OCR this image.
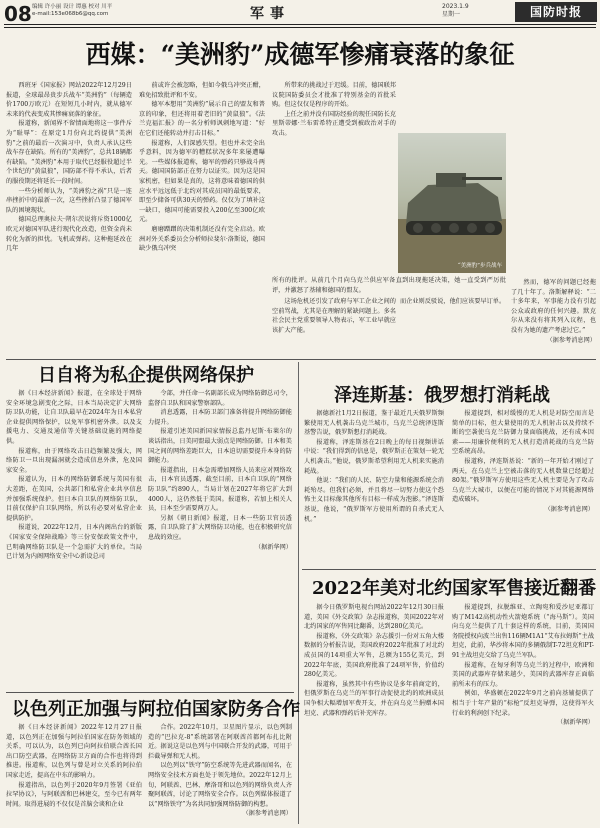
08 编辑 许小丽 设计 谭惠 校对 川平
e-mail:153e068b6@qq.com	军事	2023.1.9
星期一	国防时报
西媒：“美洲豹”成德军惨痛衰落的象征

西班牙《国家报》网站2022年12月29日报道，全球最昂贵步兵战车“美洲豹”（每辆造价1700万欧元）在短短几小时内，就从德军未来的代表变成其惨痛衰落的象征。

报道称，新闻界不留情面地将这一事件斥为“耻辱”：在原定1月份向北约提供“美洲豹”之前的最后一次演习中，负责人承认这些战车存在缺陷。所有的“美洲豹”，总共18辆都有缺陷。“美洲豹”本用于取代已经服役超过半个世纪的“黄鼠狼”，国防部不得不承认，后者的服役期还将延长一段时间。

一些分析师认为，“美洲豹之祸”只是一连串挫折中的最新一次，这些挫折凸显了德国军队的困境现状。

德国总理奥拉夫·朔尔茨说将斥资1000亿欧元对德国军队进行现代化改造，但资金尚未转化为新的担忧。飞机或弹药。这种拖延改在几年

前或许会被忽略，但如今俄乌冲突正酣，难免招致批评和不安。

德军本想用“美洲豹”展示自己的盟友和普京的印象，但还将用着老旧的“黄鼠狼”。《法兰克福汇报》的一名分析师讽刺地写道：“好在它们还能转动并打击目标。”

报道称，人们深感失望。但也并未完全出乎意料，因为德军的糟糕状况多年来屡遭曝光。一些媒体报道称，德军的弹药只够战斗两天。德国国防部正在努力以证实。因为这是国家机密，但如果是真的，这将意味着德国的供应水平远远低于北约对其成员国的最低要求，即至少储备可供30天的弹药。仅仅为了填补这一缺口，德国可能需要投入200亿至300亿欧元。

磨磨蹭蹭的决策机制还没有完全启动。欧洲对外关系委员会分析师拉斐尔·洛斯说，德国缺少俄乌冲突

所带来的挑战过于迟缓。目前，德国联邦议院国防委员会才批准了特别基金的首批采购。但这仅仅是程序的开始。

上任之前并没有国防经验的现任国防长克里斯蒂娜·兰布雷希特正遭受到被政治对手的攻击。

“美洲豹”步兵战车

所有的批评。从前几个月向乌克兰供应军备直到出现拖延决策，她一直受到严厉批评，并激怒了基辅和德国的盟友。

这场危机还引发了政府与军工企业之间的空前骂战，尤其是在理解的紧缺问题上。多名社会民主党重要领导人物表示，军工业早就应该扩大产能。

而企业则反驳说，他们应该要早订单。

然而，德军的问题已经拖了几十年了。洛斯解释说：“二十多年来，军事能力没有引起公众或政府的任何兴趣。默克尔从来没有将其列入议程，也没有为她的遗产考虑过它。”

（据参考消息网）
日自将为私企提供网络保护

据《日本经济新闻》报道，在全球处于网络安全环境急剧变化之际，日本当局决定扩大网络防卫队功能，让自卫队最早在2024年为日本私营企业提供网络保护，以免军事机密外泄。以及支援电力、交通及通信等关键基础设施的网络提供。

报道称，由于网络攻击日趋频繁及强大，网络防卫一旦出现漏洞就会造成信息外泄，危及国家安全。

报道认为，日本的网络防御系统与美国有很大差距，在美国，公共部门和私营企业共享信息并加强系统保护。但日本自卫队的网络防卫队，目前仅保护自卫队网络，所以有必要对私营企业提供防护。

报道说，2022年12月，日本内阁出台的新版《国家安全保障战略》等三份安保政策文件中，已明确网络防卫队是一个急需扩大的单位。当局已计划为内阁网络安全中心新设总司

令部，并任命一名副部长成为网络防御总司令，监督自卫队和国家警察部队。

消息透露，日本防卫部门准备将提升网络防御能力提升。

报道引述美国新国家情报总监丹尼斯·布莱尔的谈话指出，日美同盟最大弱点是网络防御。日本和美国之间的网络差距巨大，日本迫切需要提升本身的防御能力。

报道指出，日本急需增加网络人员来应对网络攻击，日本官员透露，截至目前，日本自卫队的“网络防卫队”约890人，当局计划在2027年将它扩大到4000人，这仍然低于美国。报道称，若加上相关人员，日本至少需要两万人。

另据《朝日新闻》报道，日本一些防卫官员透露，自卫队除了扩大网络防卫功能，也在积极研究信息战的效应。

（据新华网）
泽连斯基：俄罗想打消耗战

据德新社1月2日报道，鉴于最近几天俄罗斯频繁使用无人机袭击乌克兰城市，乌克兰总统泽连斯基警告说，俄罗斯想打消耗战。

报道称，泽连斯基在2日晚上的每日视频讲话中说：“我们得到的信息是，俄罗斯正在策划一轮无人机袭击。”他说，俄罗斯希望利用无人机来实施消耗战。

他说：“我们的人民、防空力量和能源系统会消耗殆尽。但我们必须，并且将尽一切努力使这个恐怖主义目标像其他所有目标一样成为泡影。”泽连斯基说，他说，“俄罗斯军方使用所谓的自杀式无人机。”

报道提到，相对缓慢的无人机是对防空而言是简单的目标，但大量使用的无人机射击以及持续不断的空袭使乌克兰防御力量面临挑战，还有成本因素——用廉价便利的无人机打造消耗战的乌克兰防空系统高昂。

报道称，泽连斯基说：“新的一年开始才刚过了两天，在乌克兰上空被击落的无人机数量已经超过80架。”俄罗斯军方使用这些无人机主要是为了攻击乌克兰大城市，以便在可能的情况下对其能源网络造成破坏。

（据参考消息网）
2022年美对北约国家军售接近翻番

据今日俄罗斯电视台网站2022年12月30日报道，美国《外交政策》杂志报道称，美国2022年对北约国家的军售同比翻番，达到280亿美元。

报道称，《外交政策》杂志援引一份对五角大楼数据的分析报告说，美国政府2022年批准了对北约成员国的14项重大军售，总额为155亿美元，到2022年年底，美国政府批准了24项军售，价值约280亿美元。

报道称，虽然其中有些协议是多年前商定的，但俄罗斯在乌克兰的军事行动促使北约的欧洲成员国争相大幅增加军费开支，并在向乌克兰捐赠本国坦克、武器和弹药后补充库存。

报道提到，拉脱维亚、立陶宛和爱沙尼亚都订购了M142高机动性火箭炮系统（“海马斯”）。美国向乌克兰提供了几十套这样的系统，目前，美国国务院授权向波兰出售116辆M1A1“艾布拉姆斯”主战坦克，此前，华沙将本国的多辆俄制T-72坦克和PT-91主战坦克交给了乌克兰军队。

报道称，在匈牙利等乌克兰的过程中，欧洲和美国的武器库存储来越少，美国的武器库存正面临前所未有的压力。

例如，华盛顿在2022年9月之前向基辅提供了相当于十年产量的“标枪”反坦克导弹，这使得军火行业的利润创下纪录。

（据新华网）
以色列正加强与阿拉伯国家防务合作

据《日本经济新闻》2022年12月27日报道，以色列正在加强与阿拉伯国家在防务领域的关系，可以认为，以色列已向阿拉伯联合酋长国出口防空武器，在网络防卫方面的合作也将得到推进。报道称，以色列与曾是对立关系的阿拉伯国家走近，提高在中东的影响力。

报道指出，以色列于2020年9月签署《亚伯拉罕协议》，与阿联酋和巴林建交，至今已有两年时间。取得进展的不仅仅是首脑会谈和企业

合作。2022年10月，卫星图片显示，以色列制造的“巴拉克-8”系统部署在阿联酋首都阿布扎比附近。据说这是以色列与中国联合开发的武器，可用于拦截导弹和无人机。

以色列以“铁穹”防空系统等先进武器而闻名，在网络安全技术方面也处于领先地位。2022年12月上旬，阿联酋、巴林、摩洛哥和以色列的网络负责人齐聚阿联酋，讨论了网络安全合作。以色列媒体报道了以“网络铁穹”为名共同加强网络防御的构想。

（据参考消息网）
